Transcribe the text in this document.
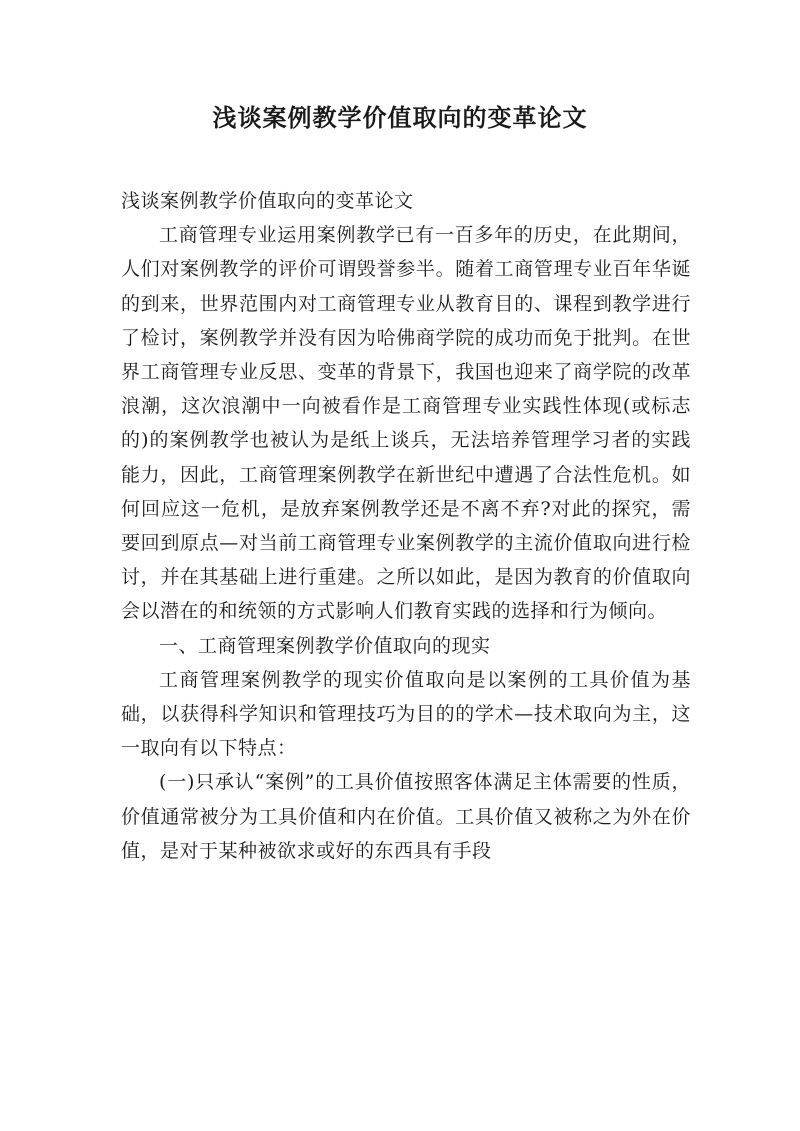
浅谈案例教学价值取向的变革论文

浅谈案例教学价值取向的变革论文

工商管理专业运用案例教学已有一百多年的历史，在此期间，人们对案例教学的评价可谓毁誉参半。随着工商管理专业百年华诞的到来，世界范围内对工商管理专业从教育目的、课程到教学进行了检讨，案例教学并没有因为哈佛商学院的成功而免于批判。在世界工商管理专业反思、变革的背景下，我国也迎来了商学院的改革浪潮，这次浪潮中一向被看作是工商管理专业实践性体现(或标志的)的案例教学也被认为是纸上谈兵，无法培养管理学习者的实践能力，因此，工商管理案例教学在新世纪中遭遇了合法性危机。如何回应这一危机，是放弃案例教学还是不离不弃?对此的探究，需要回到原点—对当前工商管理专业案例教学的主流价值取向进行检讨，并在其基础上进行重建。之所以如此，是因为教育的价值取向会以潜在的和统领的方式影响人们教育实践的选择和行为倾向。

一、工商管理案例教学价值取向的现实

工商管理案例教学的现实价值取向是以案例的工具价值为基础，以获得科学知识和管理技巧为目的的学术—技术取向为主，这一取向有以下特点：

(一)只承认“案例”的工具价值按照客体满足主体需要的性质，价值通常被分为工具价值和内在价值。工具价值又被称之为外在价值，是对于某种被欲求或好的东西具有手段
